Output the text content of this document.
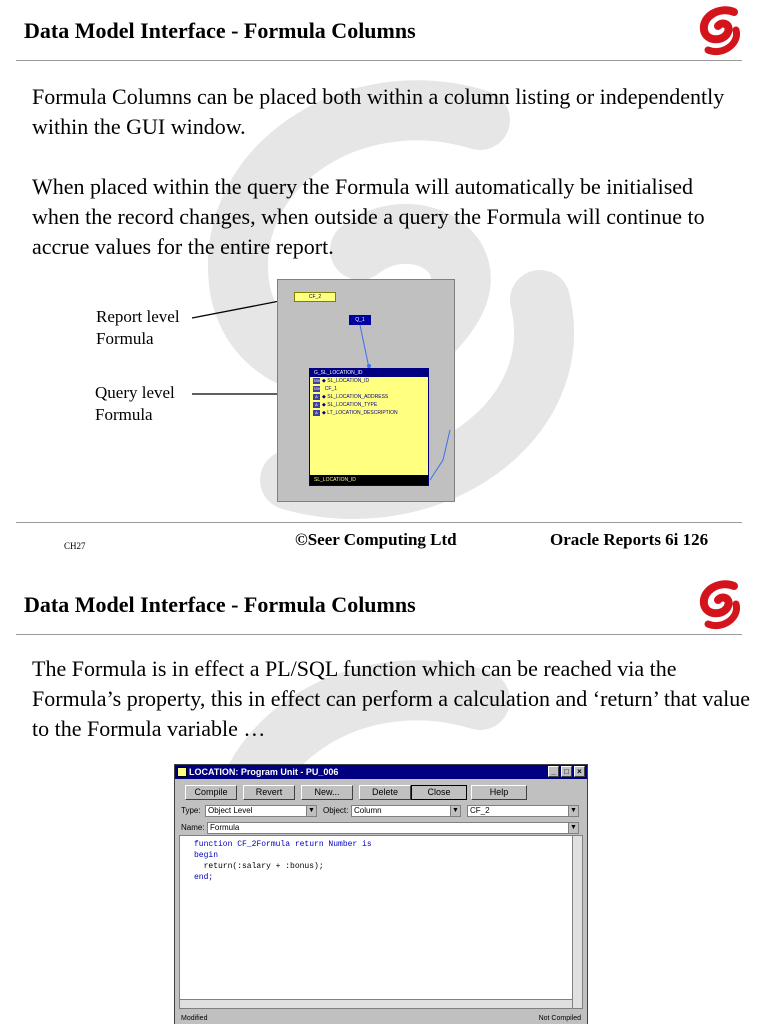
Data Model Interface - Formula Columns

Formula Columns can be placed both within a column listing or independently within the GUI window.

When placed within the query the Formula will automatically be initialised when the record changes, when outside a query the Formula will continue to accrue values for the entire report.

Report level
Formula
Query level
Formula
CF_2
Q_1
G_SL_LOCATION_ID
789 ◆ SL_LOCATION_ID
789 CF_1
A ◆ SL_LOCATION_ADDRESS
A ◆ SL_LOCATION_TYPE
A ◆ LT_LOCATION_DESCRIPTION
SL_LOCATION_ID
CH27	©Seer Computing Ltd	Oracle Reports 6i 126
Data Model Interface - Formula Columns

The Formula is in effect a PL/SQL function which can be reached via the Formula’s property, this in effect can perform a calculation and ‘return’ that value to the Formula variable …

LOCATION: Program Unit - PU_006	_	□	×
Compile	Revert	New...	Delete	Close	Help
Type: Object Level	▼ Object: Column	▼	CF_2	▼
Name: Formula	▼
function CF_2Formula return Number is
begin
return(:salary + :bonus);
end;
Modified	Not Compiled
